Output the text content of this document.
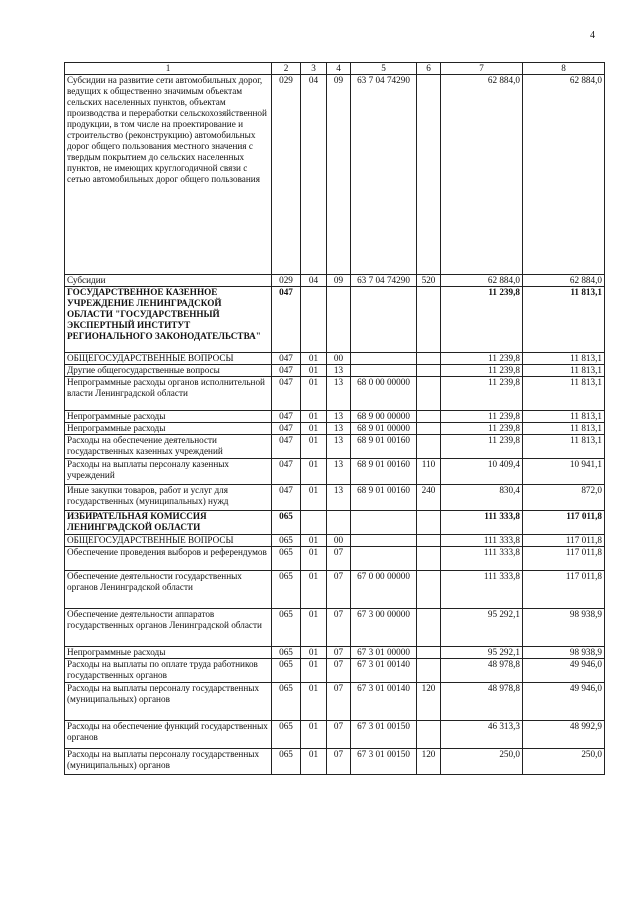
4
1	2	3	4	5	6	7	8
Субсидии на развитие сети автомобильных дорог, ведущих к общественно значимым объектам сельских населенных пунктов, объектам производства и переработки сельскохозяйственной продукции, в том числе на проектирование и строительство (реконструкцию) автомобильных дорог общего пользования местного значения с твердым покрытием до сельских населенных пунктов, не имеющих круглогодичной связи с сетью автомобильных дорог общего пользования	029	04	09	63 7 04 74290		62 884,0	62 884,0
Субсидии	029	04	09	63 7 04 74290	520	62 884,0	62 884,0
ГОСУДАРСТВЕННОЕ КАЗЕННОЕ УЧРЕЖДЕНИЕ ЛЕНИНГРАДСКОЙ ОБЛАСТИ "ГОСУДАРСТВЕННЫЙ ЭКСПЕРТНЫЙ ИНСТИТУТ РЕГИОНАЛЬНОГО ЗАКОНОДАТЕЛЬСТВА"	047					11 239,8	11 813,1
ОБЩЕГОСУДАРСТВЕННЫЕ ВОПРОСЫ	047	01	00			11 239,8	11 813,1
Другие общегосударственные вопросы	047	01	13			11 239,8	11 813,1
Непрограммные расходы органов исполнительной власти Ленинградской области	047	01	13	68 0 00 00000		11 239,8	11 813,1
Непрограммные расходы	047	01	13	68 9 00 00000		11 239,8	11 813,1
Непрограммные расходы	047	01	13	68 9 01 00000		11 239,8	11 813,1
Расходы на обеспечение деятельности государственных казенных учреждений	047	01	13	68 9 01 00160		11 239,8	11 813,1
Расходы на выплаты персоналу казенных учреждений	047	01	13	68 9 01 00160	110	10 409,4	10 941,1
Иные закупки товаров, работ и услуг для государственных (муниципальных) нужд	047	01	13	68 9 01 00160	240	830,4	872,0
ИЗБИРАТЕЛЬНАЯ КОМИССИЯ ЛЕНИНГРАДСКОЙ ОБЛАСТИ	065					111 333,8	117 011,8
ОБЩЕГОСУДАРСТВЕННЫЕ ВОПРОСЫ	065	01	00			111 333,8	117 011,8
Обеспечение проведения выборов и референдумов	065	01	07			111 333,8	117 011,8
Обеспечение деятельности государственных органов Ленинградской области	065	01	07	67 0 00 00000		111 333,8	117 011,8
Обеспечение деятельности аппаратов государственных органов Ленинградской области	065	01	07	67 3 00 00000		95 292,1	98 938,9
Непрограммные расходы	065	01	07	67 3 01 00000		95 292,1	98 938,9
Расходы на выплаты по оплате труда работников государственных органов	065	01	07	67 3 01 00140		48 978,8	49 946,0
Расходы на выплаты персоналу государственных (муниципальных) органов	065	01	07	67 3 01 00140	120	48 978,8	49 946,0
Расходы на обеспечение функций государственных органов	065	01	07	67 3 01 00150		46 313,3	48 992,9
Расходы на выплаты персоналу государственных (муниципальных) органов	065	01	07	67 3 01 00150	120	250,0	250,0
